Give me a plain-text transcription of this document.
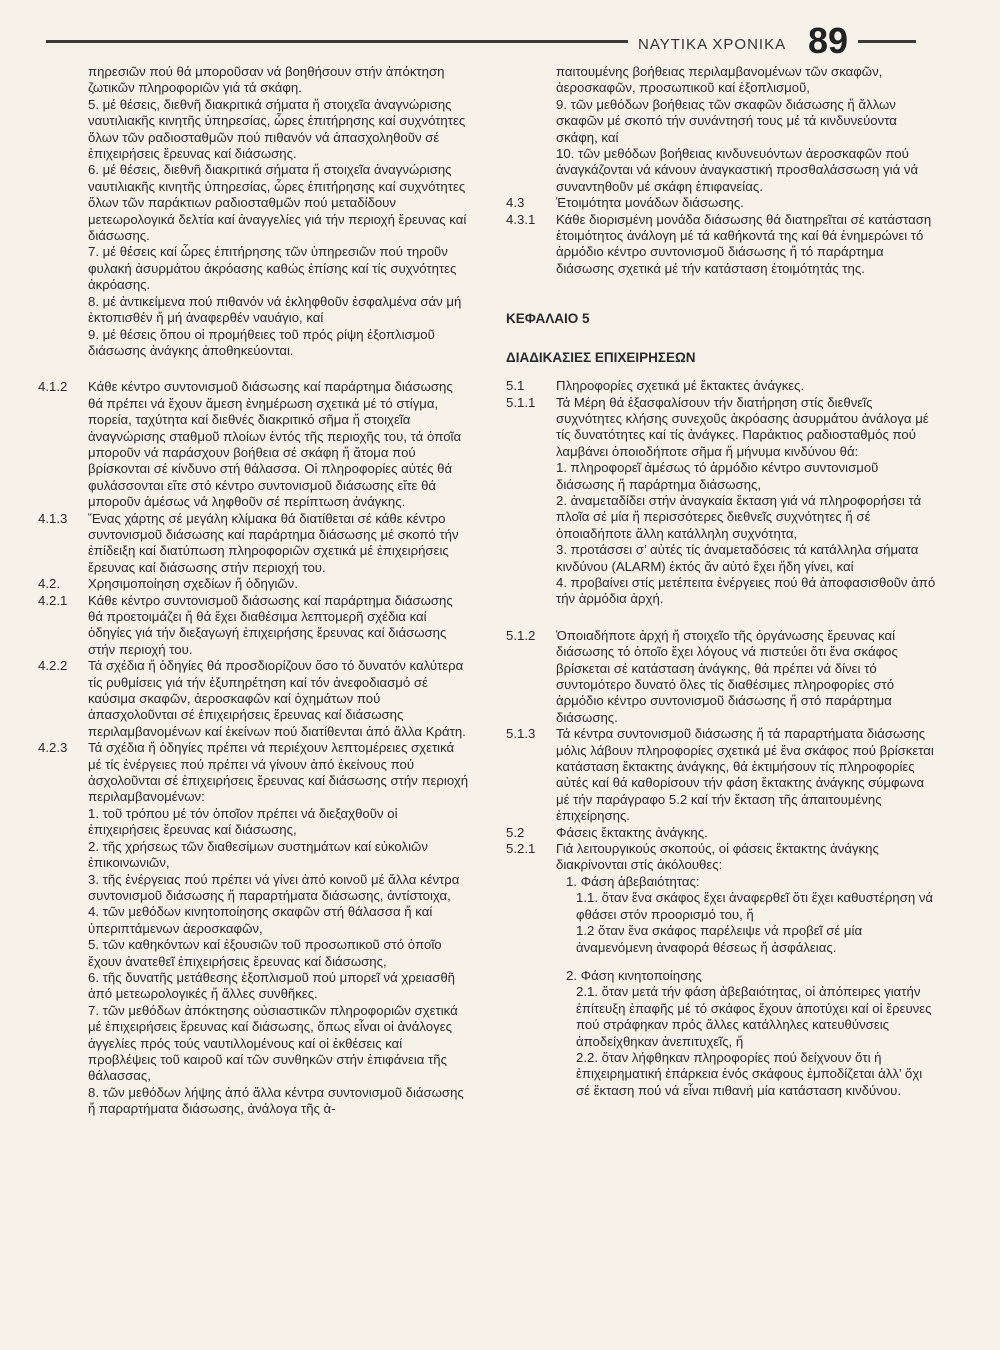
ΝΑΥΤΙΚΑ ΧΡΟΝΙΚΑ 89

πηρεσιῶν πού θά μποροῦσαν νά βοηθήσουν στήν ἀπόκτηση ζωτικῶν πληροφοριῶν γιά τά σκάφη.

5. μέ θέσεις, διεθνῆ διακριτικά σήματα ἤ στοιχεῖα ἀναγνώρισης ναυτιλιακῆς κινητῆς ὑπηρεσίας, ὧρες ἐπιτήρησης καί συχνότητες ὅλων τῶν ραδιοσταθμῶν πού πιθανόν νά ἀπασχοληθοῦν σέ ἐπιχειρήσεις ἔρευνας καί διάσωσης.

6. μέ θέσεις, διεθνῆ διακριτικά σήματα ἤ στοιχεῖα ἀναγνώρισης ναυτιλιακῆς κινητῆς ὑπηρεσίας, ὧρες ἐπιτήρησης καί συχνότητες ὅλων τῶν παράκτιων ραδιοσταθμῶν πού μεταδίδουν μετεωρολογικά δελτία καί ἀναγγελίες γιά τήν περιοχή ἔρευνας καί διάσωσης.

7. μέ θέσεις καί ὧρες ἐπιτήρησης τῶν ὑπηρεσιῶν πού τηροῦν φυλακή ἀσυρμάτου ἀκρόασης καθώς ἐπίσης καί τίς συχνότητες ἀκρόασης.

8. μέ ἀντικείμενα πού πιθανόν νά ἐκληφθοῦν ἐσφαλμένα σάν μή ἐκτοπισθέν ἤ μή ἀναφερθέν ναυάγιο, καί

9. μέ θέσεις ὅπου οἱ προμήθειες τοῦ πρός ρίψη ἐξοπλισμοῦ διάσωσης ἀνάγκης ἀποθηκεύονται.

4.1.2	Κάθε κέντρο συντονισμοῦ διάσωσης καί παράρτημα διάσωσης θά πρέπει νά ἔχουν ἄμεση ἐνημέρωση σχετικά μέ τό στίγμα, πορεία, ταχύτητα καί διεθνές διακριτικό σῆμα ἤ στοιχεῖα ἀναγνώρισης σταθμοῦ πλοίων ἐντός τῆς περιοχῆς του, τά ὁποῖα μποροῦν νά παράσχουν βοήθεια σέ σκάφη ἤ ἄτομα πού βρίσκονται σέ κίνδυνο στή θάλασσα. Οἱ πληροφορίες αὐτές θά φυλάσσονται εἴτε στό κέντρο συντονισμοῦ διάσωσης εἴτε θά μποροῦν ἀμέσως νά ληφθοῦν σέ περίπτωση ἀνάγκης.
4.1.3	Ἕνας χάρτης σέ μεγάλη κλίμακα θά διατίθεται σέ κάθε κέντρο συντονισμοῦ διάσωσης καί παράρτημα διάσωσης μέ σκοπό τήν ἐπίδειξη καί διατύπωση πληροφοριῶν σχετικά μέ ἐπιχειρήσεις ἔρευνας καί διάσωσης στήν περιοχή του.
4.2.	Χρησιμοποίηση σχεδίων ἤ ὁδηγιῶν.
4.2.1	Κάθε κέντρο συντονισμοῦ διάσωσης καί παράρτημα διάσωσης θά προετοιμάζει ἤ θά ἔχει διαθέσιμα λεπτομερῆ σχέδια καί ὁδηγίες γιά τήν διεξαγωγή ἐπιχειρήσης ἔρευνας καί διάσωσης στήν περιοχή του.
4.2.2	Τά σχέδια ἤ ὁδηγίες θά προσδιορίζουν ὅσο τό δυνατόν καλύτερα τίς ρυθμίσεις γιά τήν ἐξυπηρέτηση καί τόν ἀνεφοδιασμό σέ καύσιμα σκαφῶν, ἀεροσκαφῶν καί ὀχημάτων πού ἀπασχολοῦνται σέ ἐπιχειρήσεις ἔρευνας καί διάσωσης περιλαμβανομένων καί ἐκείνων πού διατίθενται ἀπό ἄλλα Κράτη.
4.2.3	Τά σχέδια ἤ ὁδηγίες πρέπει νά περιέχουν λεπτομέρειες σχετικά μέ τίς ἐνέργειες πού πρέπει νά γίνουν ἀπό ἐκείνους πού ἀσχολοῦνται σέ ἐπιχειρήσεις ἔρευνας καί διάσωσης στήν περιοχή περιλαμβανομένων:

1. τοῦ τρόπου μέ τόν ὁποῖον πρέπει νά διεξαχθοῦν οἱ ἐπιχειρήσεις ἔρευνας καί διάσωσης,

2. τῆς χρήσεως τῶν διαθεσίμων συστημάτων καί εὐκολιῶν ἐπικοινωνιῶν,

3. τῆς ἐνέργειας πού πρέπει νά γίνει ἀπό κοινοῦ μέ ἄλλα κέντρα συντονισμοῦ διάσωσης ἤ παραρτήματα διάσωσης, ἀντίστοιχα,

4. τῶν μεθόδων κινητοποίησης σκαφῶν στή θάλασσα ἤ καί ὑπεριπτάμενων ἀεροσκαφῶν,

5. τῶν καθηκόντων καί ἐξουσιῶν τοῦ προσωπικοῦ στό ὁποῖο ἔχουν ἀνατεθεῖ ἐπιχειρήσεις ἔρευνας καί διάσωσης,

6. τῆς δυνατῆς μετάθεσης ἐξοπλισμοῦ πού μπορεῖ νά χρειασθῆ ἀπό μετεωρολογικές ἤ ἄλλες συνθῆκες.

7. τῶν μεθόδων ἀπόκτησης οὐσιαστικῶν πληροφοριῶν σχετικά μέ ἐπιχειρήσεις ἔρευνας καί διάσωσης, ὅπως εἶναι οἱ ἀνάλογες ἀγγελίες πρός τούς ναυτιλλομένους καί οἱ ἐκθέσεις καί προβλέψεις τοῦ καιροῦ καί τῶν συνθηκῶν στήν ἐπιφάνεια τῆς θάλασσας,

8. τῶν μεθόδων λήψης ἀπό ἄλλα κέντρα συντονισμοῦ διάσωσης ἤ παραρτήματα διάσωσης, ἀνάλογα τῆς ἀ-

παιτουμένης βοήθειας περιλαμβανομένων τῶν σκαφῶν, ἀεροσκαφῶν, προσωπικοῦ καί ἐξοπλισμοῦ,

9. τῶν μεθόδων βοήθειας τῶν σκαφῶν διάσωσης ἤ ἄλλων σκαφῶν μέ σκοπό τήν συνάντησή τους μέ τά κινδυνεύοντα σκάφη, καί

10. τῶν μεθόδων βοήθειας κινδυνευόντων ἀεροσκαφῶν πού ἀναγκάζονται νά κάνουν ἀναγκαστική προσθαλάσσωση γιά νά συναντηθοῦν μέ σκάφη ἐπιφανείας.

4.3	Ἑτοιμότητα μονάδων διάσωσης.
4.3.1	Κάθε διορισμένη μονάδα διάσωσης θά διατηρεῖται σέ κατάσταση ἑτοιμότητος ἀνάλογη μέ τά καθήκοντά της καί θά ἐνημερώνει τό ἁρμόδιο κέντρο συντονισμοῦ διάσωσης ἤ τό παράρτημα διάσωσης σχετικά μέ τήν κατάσταση ἑτοιμότητάς της.

ΚΕΦΑΛΑΙΟ 5

ΔΙΑΔΙΚΑΣΙΕΣ ΕΠΙΧΕΙΡΗΣΕΩΝ

5.1	Πληροφορίες σχετικά μέ ἔκτακτες ἀνάγκες.
5.1.1	Τά Μέρη θά ἐξασφαλίσουν τήν διατήρηση στίς διεθνεῖς συχνότητες κλήσης συνεχοῦς ἀκρόασης ἀσυρμάτου ἀνάλογα μέ τίς δυνατότητες καί τίς ἀνάγκες. Παράκτιος ραδιοσταθμός πού λαμβάνει ὁποιοδήποτε σῆμα ἤ μήνυμα κινδύνου θά:

1. πληροφορεῖ ἀμέσως τό ἁρμόδιο κέντρο συντονισμοῦ διάσωσης ἤ παράρτημα διάσωσης,

2. ἀναμεταδίδει στήν ἀναγκαία ἔκταση γιά νά πληροφορήσει τά πλοῖα σέ μία ἤ περισσότερες διεθνεῖς συχνότητες ἤ σέ ὁποιαδήποτε ἄλλη κατάλληλη συχνότητα,

3. προτάσσει σ’ αὐτές τίς ἀναμεταδόσεις τά κατάλληλα σήματα κινδύνου (ALARM) ἐκτός ἄν αὐτό ἔχει ἤδη γίνει, καί

4. προβαίνει στίς μετέπειτα ἐνέργειες πού θά ἀποφασισθοῦν ἀπό τήν ἁρμόδια ἀρχή.

5.1.2	Ὁποιαδήποτε ἀρχή ἤ στοιχεῖο τῆς ὀργάνωσης ἔρευνας καί διάσωσης τό ὁποῖο ἔχει λόγους νά πιστεύει ὅτι ἕνα σκάφος βρίσκεται σέ κατάσταση ἀνάγκης, θά πρέπει νά δίνει τό συντομότερο δυνατό ὅλες τίς διαθέσιμες πληροφορίες στό ἁρμόδιο κέντρο συντονισμοῦ διάσωσης ἤ στό παράρτημα διάσωσης.
5.1.3	Τά κέντρα συντονισμοῦ διάσωσης ἤ τά παραρτήματα διάσωσης μόλις λάβουν πληροφορίες σχετικά μέ ἕνα σκάφος πού βρίσκεται κατάσταση ἔκτακτης ἀνάγκης, θά ἐκτιμήσουν τίς πληροφορίες αὐτές καί θά καθορίσουν τήν φάση ἔκτακτης ἀνάγκης σύμφωνα μέ τήν παράγραφο 5.2 καί τήν ἔκταση τῆς ἀπαιτουμένης ἐπιχείρησης.
5.2	Φάσεις ἔκτακτης ἀνάγκης.
5.2.1	Γιά λειτουργικούς σκοπούς, οἱ φάσεις ἔκτακτης ἀνάγκης διακρίνονται στίς ἀκόλουθες:

1. Φάση ἀβεβαιότητας:

1.1. ὅταν ἕνα σκάφος ἔχει ἀναφερθεῖ ὅτι ἔχει καθυστέρηση νά φθάσει στόν προορισμό του, ἤ

1.2 ὅταν ἕνα σκάφος παρέλειψε νά προβεῖ σέ μία ἀναμενόμενη ἀναφορά θέσεως ἤ ἀσφάλειας.

2. Φάση κινητοποίησης

2.1. ὅταν μετά τήν φάση ἀβεβαιότητας, οἱ ἀπόπειρες γιατήν ἐπίτευξη ἐπαφῆς μέ τό σκάφος ἔχουν ἀποτύχει καί οἱ ἔρευνες πού στράφηκαν πρός ἄλλες κατάλληλες κατευθύνσεις ἀποδείχθηκαν ἀνεπιτυχεῖς, ἤ

2.2. ὅταν λήφθηκαν πληροφορίες πού δείχνουν ὅτι ἡ ἐπιχειρηματική ἐπάρκεια ἑνός σκάφους ἐμποδίζεται ἀλλ’ ὄχι σέ ἔκταση πού νά εἶναι πιθανή μία κατάσταση κινδύνου.
